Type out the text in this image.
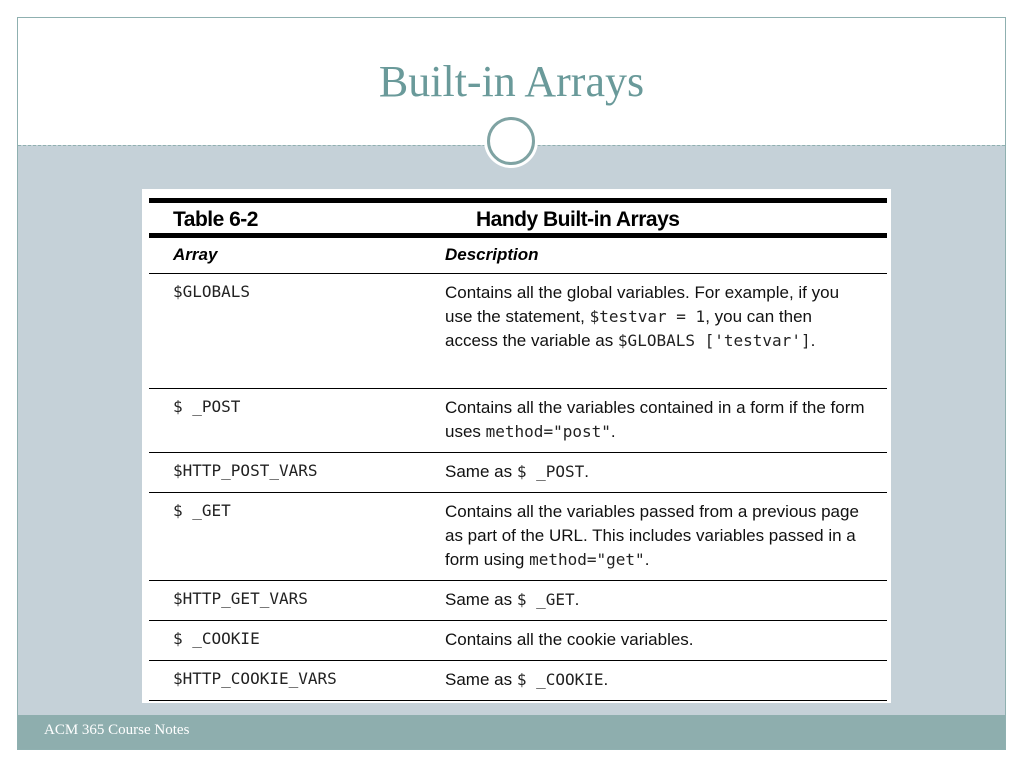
Built-in Arrays
Table 6-2	Handy Built-in Arrays
Array	Description
$GLOBALS	Contains all the global variables. For example, if you use the statement, $testvar = 1, you can then access the variable as $GLOBALS ['testvar'].
$ _POST	Contains all the variables contained in a form if the form uses method="post".
$HTTP_POST_VARS	Same as $ _POST.
$ _GET	Contains all the variables passed from a previous page as part of the URL. This includes variables passed in a form using method="get".
$HTTP_GET_VARS	Same as $ _GET.
$ _COOKIE	Contains all the cookie variables.
$HTTP_COOKIE_VARS	Same as $ _COOKIE.
ACM 365 Course Notes
